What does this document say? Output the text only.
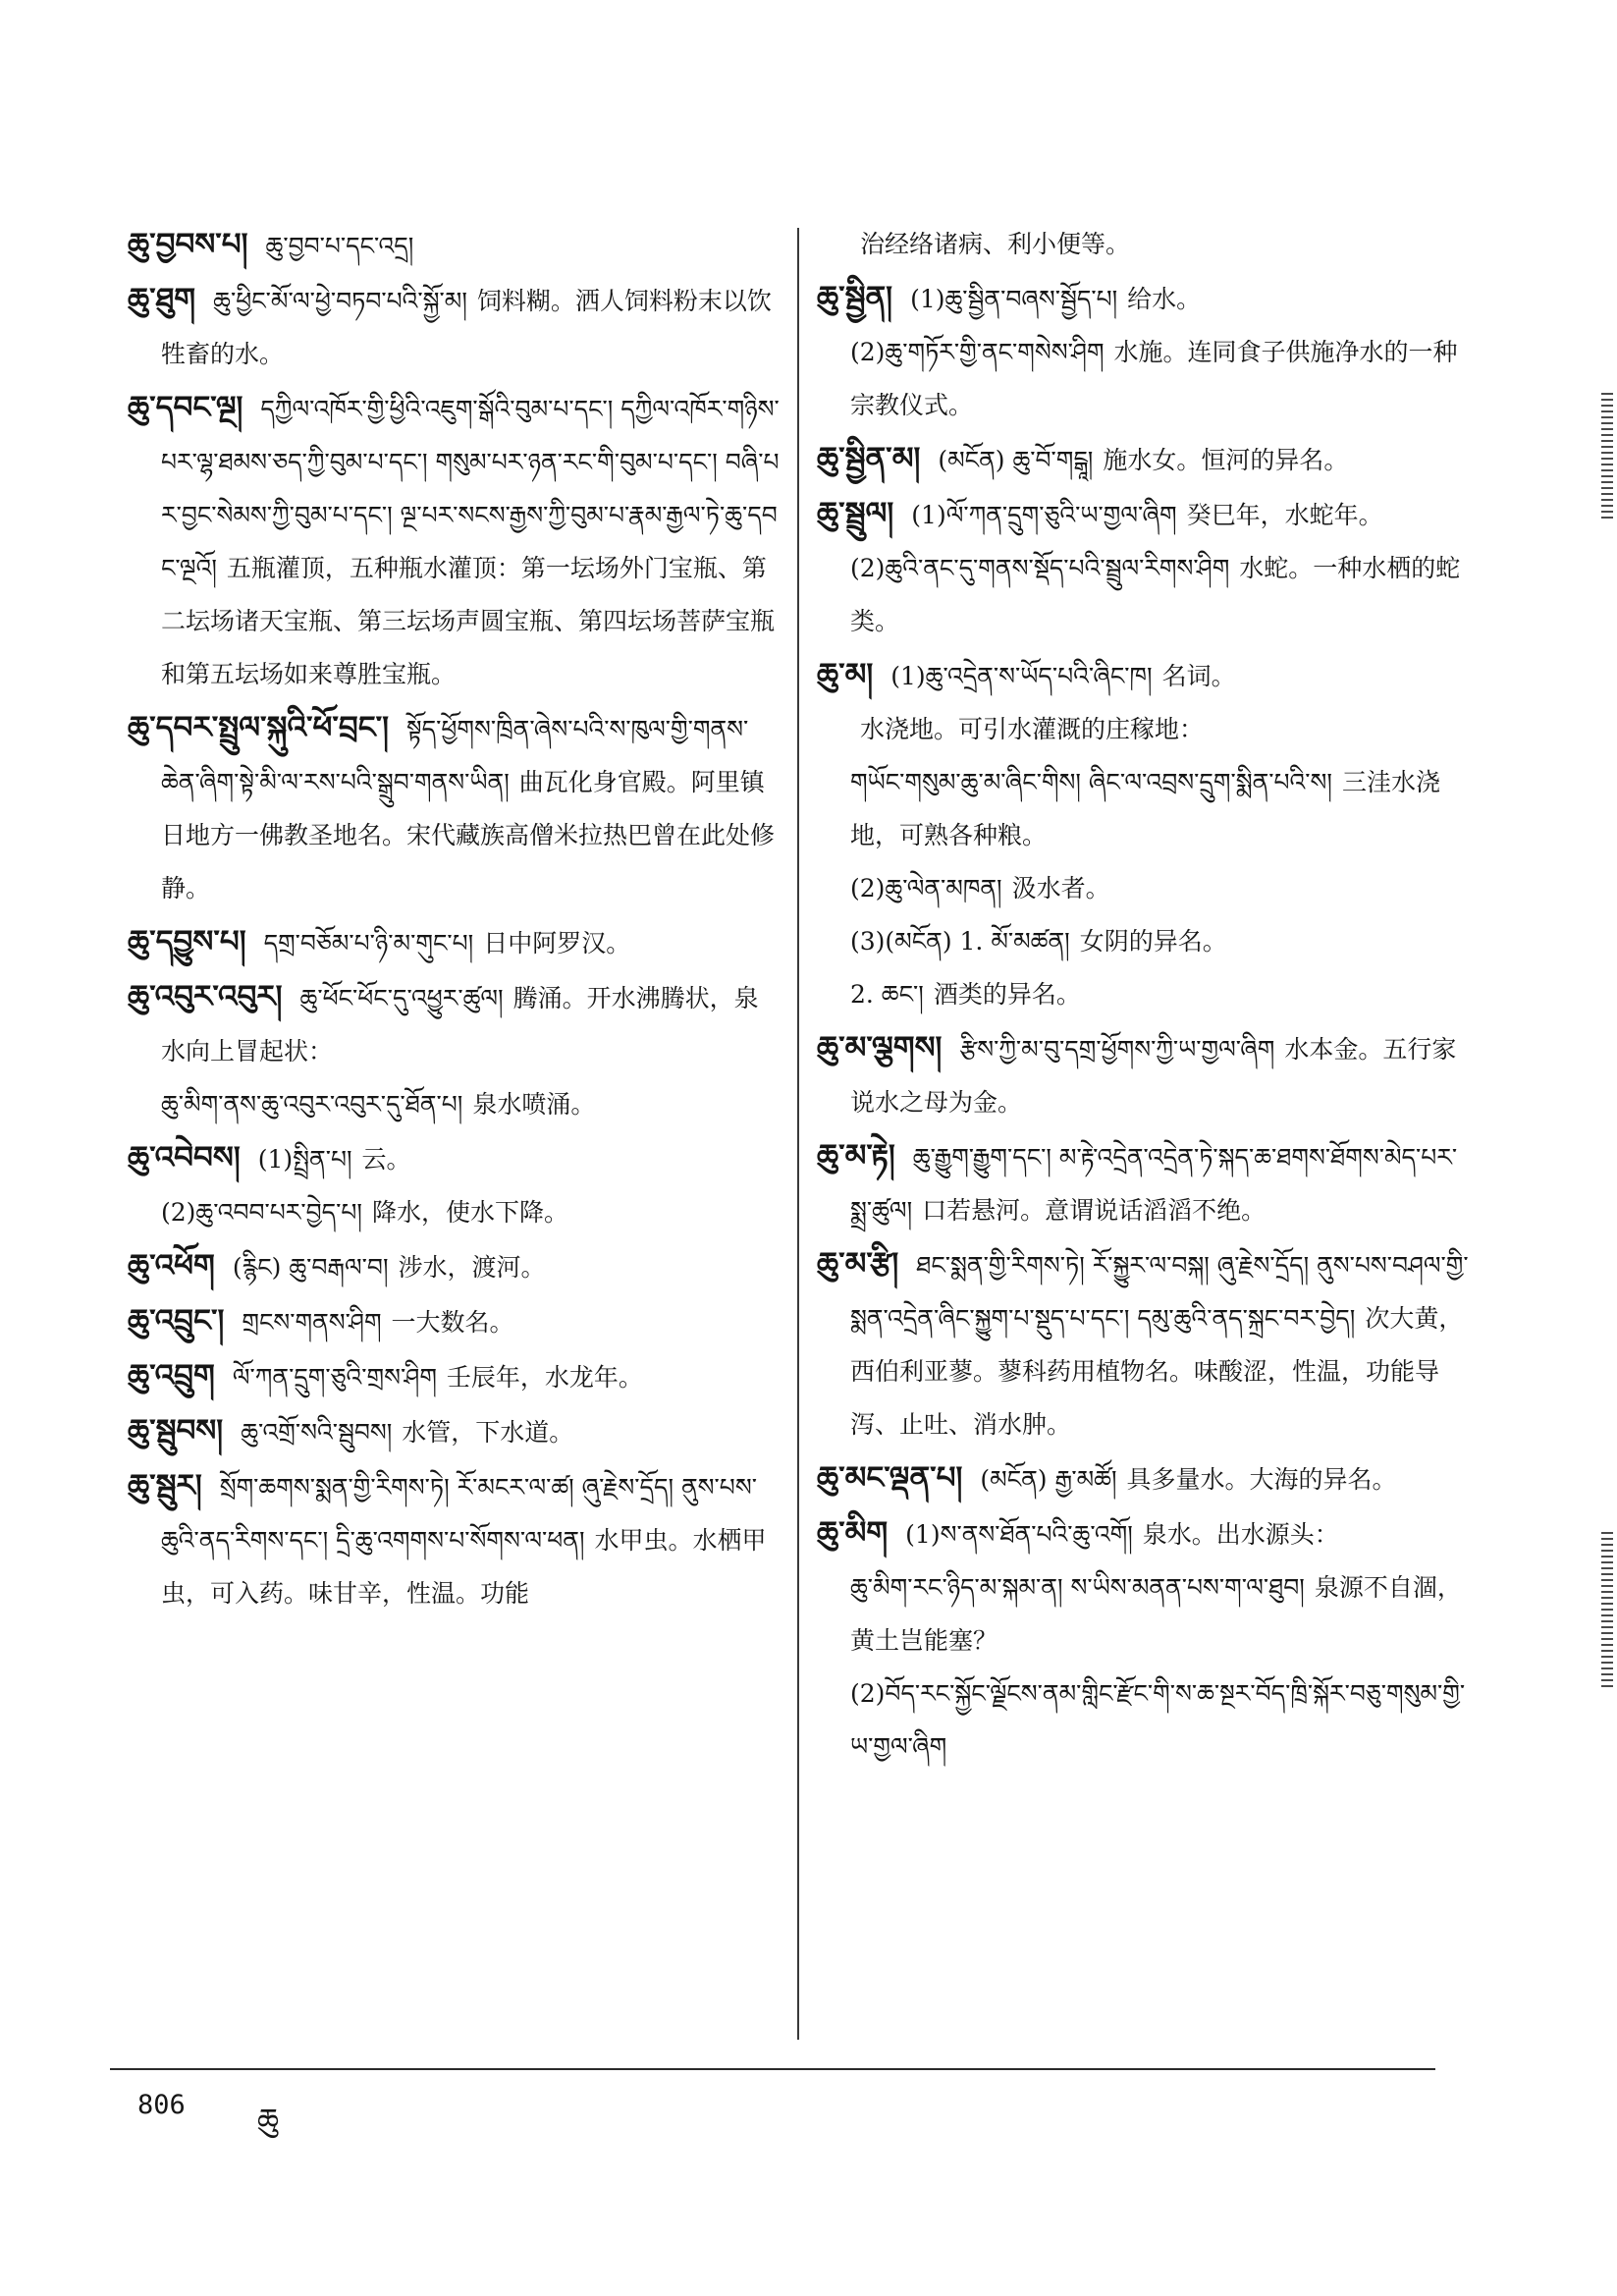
ཆུ་བྱབས་པ། ཆུ་བྱབ་པ་དང་འདྲ།

ཆུ་ཐུག ཆུ་ཕྱིང་མོ་ལ་ཕྱེ་བཏབ་པའི་སྐྱོ་མ། 饲料糊。洒人饲料粉末以饮牲畜的水。

ཆུ་དབང་ལྔ། དཀྱིལ་འཁོར་གྱི་ཕྱིའི་འཇུག་སྒོའི་བུམ་པ་དང་། དཀྱིལ་འཁོར་གཉིས་པར་ལྷ་ཐམས་ཅད་ཀྱི་བུམ་པ་དང་། གསུམ་པར་ཉན་རང་གི་བུམ་པ་དང་། བཞི་པར་བྱང་སེམས་ཀྱི་བུམ་པ་དང་། ལྔ་པར་སངས་རྒྱས་ཀྱི་བུམ་པ་རྣམ་རྒྱལ་ཏེ་ཆུ་དབང་ལྔའོ། 五瓶灌顶，五种瓶水灌顶：第一坛场外门宝瓶、第二坛场诸天宝瓶、第三坛场声圆宝瓶、第四坛场菩萨宝瓶和第五坛场如来尊胜宝瓶。

ཆུ་དབར་སྤྲུལ་སྐུའི་ཕོ་བྲང་། སྟོད་ཕྱོགས་ཁྲིན་ཞེས་པའི་ས་ཁུལ་གྱི་གནས་ཆེན་ཞིག་སྟེ་མི་ལ་རས་པའི་སྒྲུབ་གནས་ཡིན། 曲瓦化身官殿。阿里镇日地方一佛教圣地名。宋代藏族高僧米拉热巴曾在此处修静。

ཆུ་དབྱུས་པ། དགྲ་བཅོམ་པ་ཉི་མ་གུང་པ། 日中阿罗汉。

ཆུ་འབུར་འབུར། ཆུ་ཕོང་ཕོང་དུ་འཕྱུར་ཚུལ། 腾涌。开水沸腾状，泉水向上冒起状：

ཆུ་མིག་ནས་ཆུ་འབུར་འབུར་དུ་ཐོན་པ། 泉水喷涌。

ཆུ་འབེབས། (1)སྤྲིན་པ། 云。

(2)ཆུ་འབབ་པར་བྱེད་པ། 降水，使水下降。

ཆུ་འཕོག (རྙིང) ཆུ་བརྒལ་བ། 涉水，渡河。

ཆུ་འབྲུང་། གྲངས་གནས་ཤིག 一大数名。

ཆུ་འབྲུག ལོ་ཀན་དྲུག་ཅུའི་གྲས་ཤིག 壬辰年，水龙年。

ཆུ་སྦུབས། ཆུ་འགྲོ་སའི་སྦུབས། 水管，下水道。

ཆུ་སྦུར། སྲོག་ཆགས་སྨན་གྱི་རིགས་ཏེ། རོ་མངར་ལ་ཚ། ཞུ་རྗེས་དྲོད། ནུས་པས་ཆུའི་ནད་རིགས་དང་། དྲི་ཆུ་འགགས་པ་སོགས་ལ་ཕན། 水甲虫。水栖甲虫，可入药。味甘辛，性温。功能

治经络诸病、利小便等。

ཆུ་སྦྱིན། (1)ཆུ་སྦྱིན་བཞས་སྦྱོད་པ། 给水。

(2)ཆུ་གཏོར་གྱི་ནང་གསེས་ཤིག 水施。连同食子供施净水的一种宗教仪式。

ཆུ་སྦྱིན་མ། (མངོན) ཆུ་བོ་གངྒཱ། 施水女。恒河的异名。

ཆུ་སྦྲུལ། (1)ལོ་ཀན་དྲུག་ཅུའི་ཡ་གྱལ་ཞིག 癸巳年，水蛇年。

(2)ཆུའི་ནང་དུ་གནས་སྡོད་པའི་སྦྲུལ་རིགས་ཤིག 水蛇。一种水栖的蛇类。

ཆུ་མ། (1)ཆུ་འདྲེན་ས་ཡོད་པའི་ཞིང་ཁ། 名词。

水浇地。可引水灌溉的庄稼地：

གཡོང་གསུམ་ཆུ་མ་ཞིང་གིས། ཞིང་ལ་འབྲས་དྲུག་སྨིན་པའི་ས། 三洼水浇地，可熟各种粮。

(2)ཆུ་ལེན་མཁན། 汲水者。

(3)(མངོན) 1. མོ་མཚན། 女阴的异名。

2. ཆང་། 酒类的异名。

ཆུ་མ་ལྕགས། རྩིས་ཀྱི་མ་བུ་དགྲ་ཕྱོགས་ཀྱི་ཡ་གྱལ་ཞིག 水本金。五行家说水之母为金。

ཆུ་མ་རྟེ། ཆུ་རྒྱུག་རྒྱུག་དང་། མ་རྟེ་འདྲེན་འདྲེན་ཏེ་སྐད་ཆ་ཐགས་ཐོགས་མེད་པར་སྨྲ་ཚུལ། 口若悬河。意谓说话滔滔不绝。

ཆུ་མ་རྩི། ཐང་སྨན་གྱི་རིགས་ཏེ། རོ་སྐྱུར་ལ་བསྐ། ཞུ་རྗེས་དྲོད། ནུས་པས་བཤལ་གྱི་སྨན་འདྲེན་ཞིང་སྐྱུག་པ་སྡུད་པ་དང་། དམུ་ཆུའི་ནད་སྐྲང་བར་བྱེད། 次大黄，西伯利亚蓼。蓼科药用植物名。味酸涩，性温，功能导泻、止吐、消水肿。

ཆུ་མང་ལྡན་པ། (མངོན) རྒྱ་མཚོ། 具多量水。大海的异名。

ཆུ་མིག (1)ས་ནས་ཐོན་པའི་ཆུ་འགོ། 泉水。出水源头：

ཆུ་མིག་རང་ཉིད་མ་སྐམ་ན། ས་ཡིས་མནན་པས་ག་ལ་ཐུབ། 泉源不自涸，黄土岂能塞？

(2)བོད་རང་སྐྱོང་ལྗོངས་ནམ་གླིང་རྫོང་གི་ས་ཆ་སྔར་བོད་ཁྲི་སྐོར་བཅུ་གསུམ་གྱི་ཡ་གྱལ་ཞིག

806 ཆུ
